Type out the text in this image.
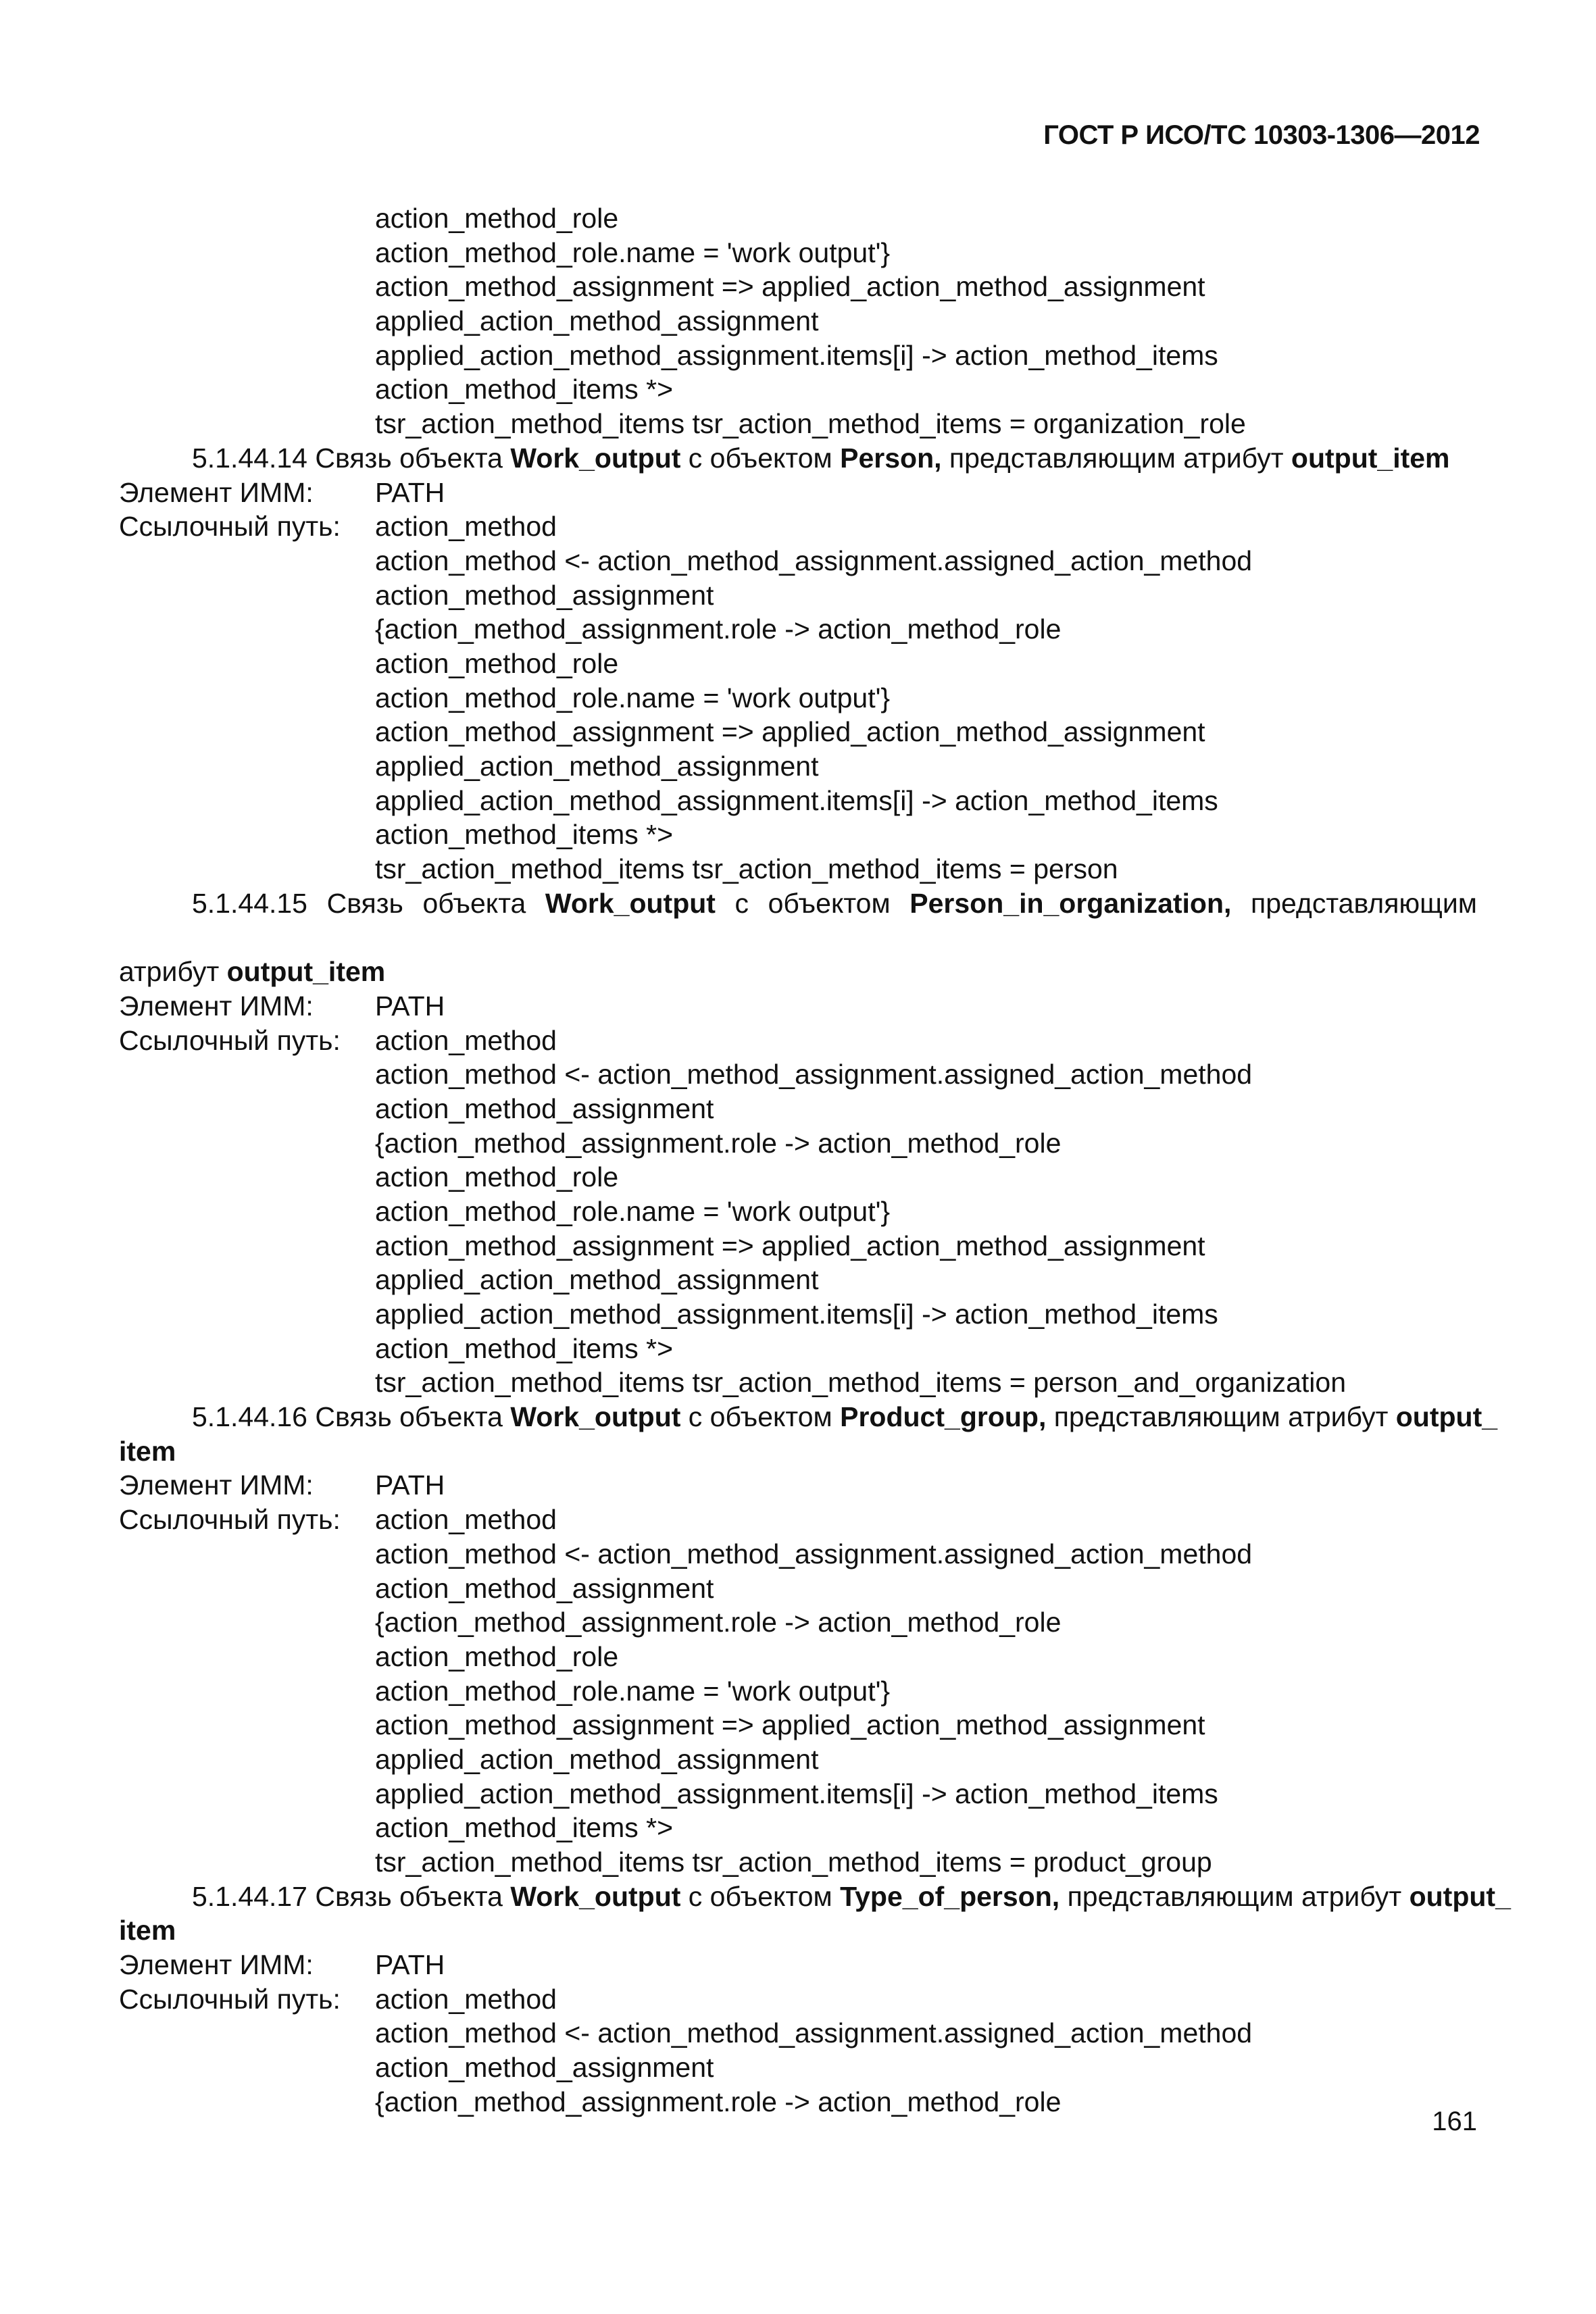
ГОСТ Р ИСО/ТС 10303-1306—2012
action_method_role
action_method_role.name = 'work output'}
action_method_assignment => applied_action_method_assignment
applied_action_method_assignment
applied_action_method_assignment.items[i] -> action_method_items
action_method_items *>
tsr_action_method_items tsr_action_method_items = organization_role
5.1.44.14 Связь объекта Work_output с объектом Person, представляющим атрибут output_item
Элемент ИММ:	PATH
Ссылочный путь:	action_method
action_method <- action_method_assignment.assigned_action_method
action_method_assignment
{action_method_assignment.role -> action_method_role
action_method_role
action_method_role.name = 'work output'}
action_method_assignment => applied_action_method_assignment
applied_action_method_assignment
applied_action_method_assignment.items[i] -> action_method_items
action_method_items *>
tsr_action_method_items tsr_action_method_items = person
5.1.44.15 Связь объекта Work_output с объектом Person_in_organization, представляющим
атрибут output_item
Элемент ИММ:	PATH
Ссылочный путь:	action_method
action_method <- action_method_assignment.assigned_action_method
action_method_assignment
{action_method_assignment.role -> action_method_role
action_method_role
action_method_role.name = 'work output'}
action_method_assignment => applied_action_method_assignment
applied_action_method_assignment
applied_action_method_assignment.items[i] -> action_method_items
action_method_items *>
tsr_action_method_items tsr_action_method_items = person_and_organization
5.1.44.16 Связь объекта Work_output с объектом Product_group, представляющим атрибут output_
item
Элемент ИММ:	PATH
Ссылочный путь:	action_method
action_method <- action_method_assignment.assigned_action_method
action_method_assignment
{action_method_assignment.role -> action_method_role
action_method_role
action_method_role.name = 'work output'}
action_method_assignment => applied_action_method_assignment
applied_action_method_assignment
applied_action_method_assignment.items[i] -> action_method_items
action_method_items *>
tsr_action_method_items tsr_action_method_items = product_group
5.1.44.17 Связь объекта Work_output с объектом Type_of_person, представляющим атрибут output_
item
Элемент ИММ:	PATH
Ссылочный путь:	action_method
action_method <- action_method_assignment.assigned_action_method
action_method_assignment
{action_method_assignment.role -> action_method_role
161
